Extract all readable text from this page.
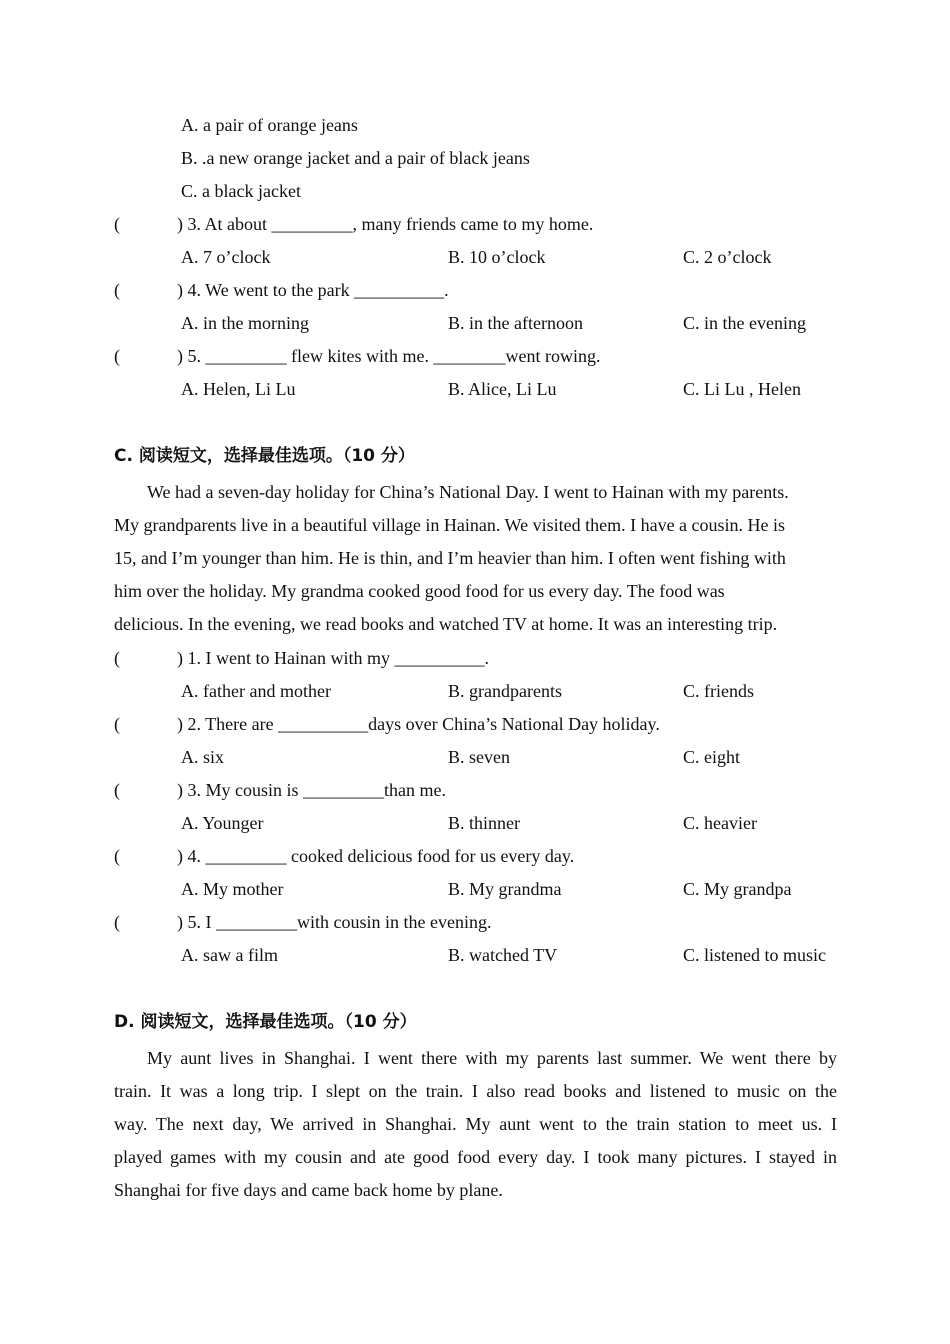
A. a pair of orange jeans
B. .a new orange jacket and a pair of black jeans
C. a black jacket
(	) 3. At about _________, many friends came to my home.
A. 7 o’clock	B. 10 o’clock	C. 2 o’clock
(	) 4. We went to the park __________.
A. in the morning	B. in the afternoon	C. in the evening
(	) 5. _________ flew kites with me. ________went rowing.
A. Helen, Li Lu	B. Alice, Li Lu	C. Li Lu , Helen
C. 阅读短文，选择最佳选项。（10 分）
We had a seven-day holiday for China’s National Day. I went to Hainan with my parents.
My grandparents live in a beautiful village in Hainan. We visited them. I have a cousin. He is
15, and I’m younger than him. He is thin, and I’m heavier than him. I often went fishing with
him over the holiday. My grandma cooked good food for us every day. The food was
delicious. In the evening, we read books and watched TV at home. It was an interesting trip.
(	) 1. I went to Hainan with my __________.
A. father and mother	B. grandparents	C. friends
(	) 2. There are __________days over China’s National Day holiday.
A. six	B. seven	C. eight
(	) 3. My cousin is _________than me.
A. Younger	B. thinner	C. heavier
(	) 4. _________ cooked delicious food for us every day.
A. My mother	B. My grandma	C. My grandpa
(	) 5. I _________with cousin in the evening.
A. saw a film	B. watched TV	C. listened to music
D. 阅读短文，选择最佳选项。（10 分）
My aunt lives in Shanghai. I went there with my parents last summer. We went there by
train. It was a long trip. I slept on the train. I also read books and listened to music on the
way. The next day, We arrived in Shanghai. My aunt went to the train station to meet us. I
played games with my cousin and ate good food every day. I took many pictures. I stayed in
Shanghai for five days and came back home by plane.
